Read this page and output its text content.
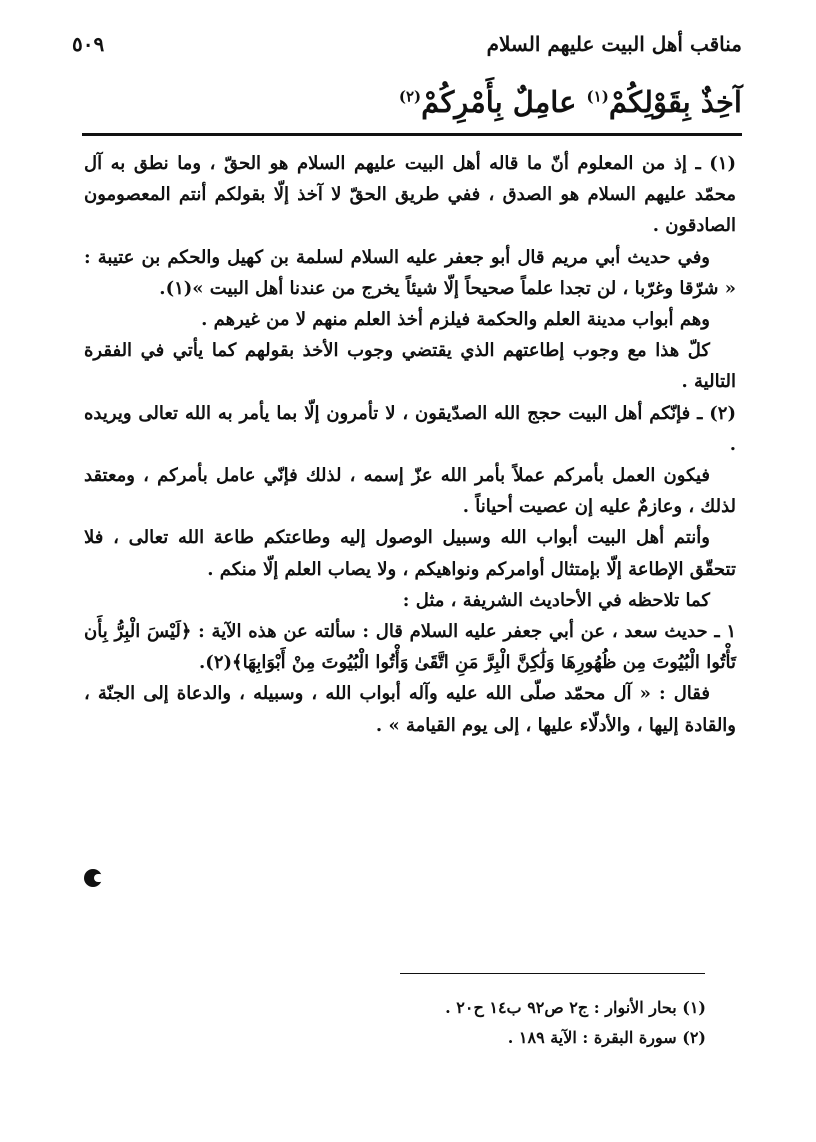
مناقب أهل البيت عليهم السلام
٥٠٩
آخِذٌ بِقَوْلِكُمْ$^{(١)}$ عامِلٌ بِأَمْرِكُمْ$^{(٢)}$

(١) ـ إذ من المعلوم أنّ ما قاله أهل البيت عليهم السلام هو الحقّ ، وما نطق به آل محمّد عليهم السلام هو الصدق ، ففي طريق الحقّ لا آخذ إلّا بقولكم أنتم المعصومون الصادقون .

وفي حديث أبي مريم قال أبو جعفر عليه السلام لسلمة بن كهيل والحكم بن عتيبة : « شرّقا وغرّبا ، لن تجدا علماً صحيحاً إلّا شيئاً يخرج من عندنا أهل البيت »(١).

وهم أبواب مدينة العلم والحكمة فيلزم أخذ العلم منهم لا من غيرهم .

كلّ هذا مع وجوب إطاعتهم الذي يقتضي وجوب الأخذ بقولهم كما يأتي في الفقرة التالية .

(٢) ـ فإنّكم أهل البيت حجج الله الصدّيقون ، لا تأمرون إلّا بما يأمر به الله تعالى ويريده .

فيكون العمل بأمركم عملاً بأمر الله عزّ إسمه ، لذلك فإنّي عامل بأمركم ، ومعتقد لذلك ، وعازمٌ عليه إن عصيت أحياناً .

وأنتم أهل البيت أبواب الله وسبيل الوصول إليه وطاعتكم طاعة الله تعالى ، فلا تتحقّق الإطاعة إلّا بإمتثال أوامركم ونواهيكم ، ولا يصاب العلم إلّا منكم .

كما تلاحظه في الأحاديث الشريفة ، مثل :

١ ـ حديث سعد ، عن أبي جعفر عليه السلام قال : سألته عن هذه الآية : ﴿لَيْسَ الْبِرُّ بِأَن تَأْتُوا الْبُيُوتَ مِن ظُهُورِهَا وَلَٰكِنَّ الْبِرَّ مَنِ اتَّقَىٰ وَأْتُوا الْبُيُوتَ مِنْ أَبْوَابِهَا﴾(٢).

فقال : « آل محمّد صلّى الله عليه وآله أبواب الله ، وسبيله ، والدعاة إلى الجنّة ، والقادة إليها ، والأدلّاء عليها ، إلى يوم القيامة » .

(١) بحار الأنوار : ج٢ ص٩٢ ب١٤ ح٢٠ .

(٢) سورة البقرة : الآية ١٨٩ .
